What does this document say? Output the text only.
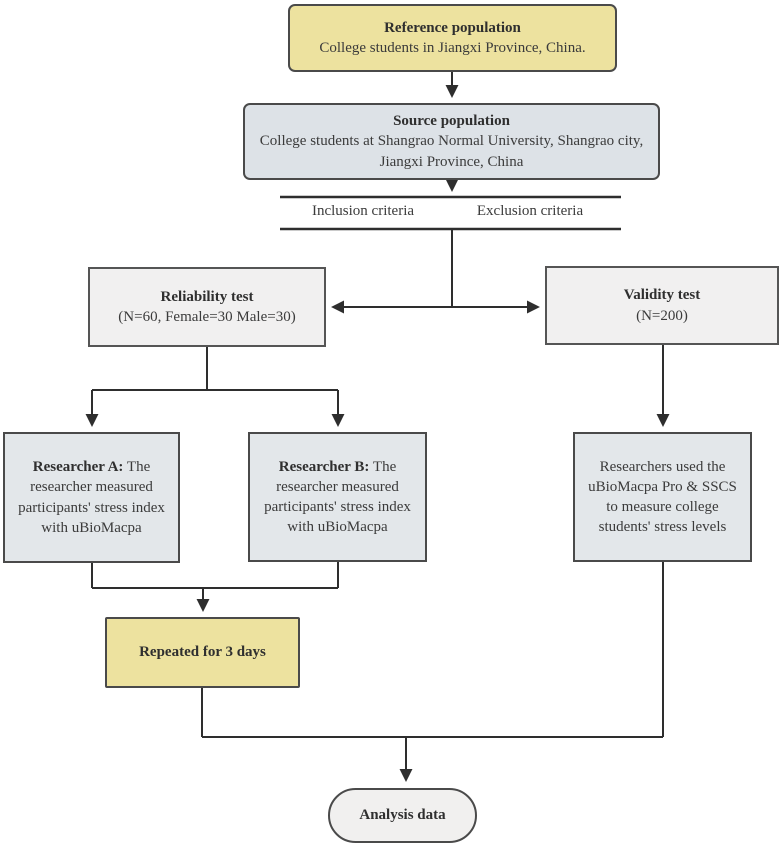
Reference population
College students in Jiangxi Province, China.
Source population
College students at Shangrao Normal University, Shangrao city, Jiangxi Province, China
Inclusion criteria	Exclusion criteria
Reliability test
(N=60, Female=30 Male=30)
Validity test
(N=200)
Researcher A: The researcher measured participants' stress index with uBioMacpa
Researcher B: The researcher measured participants' stress index with uBioMacpa
Researchers used the uBioMacpa Pro & SSCS to measure college students' stress levels
Repeated for 3 days
Analysis data
